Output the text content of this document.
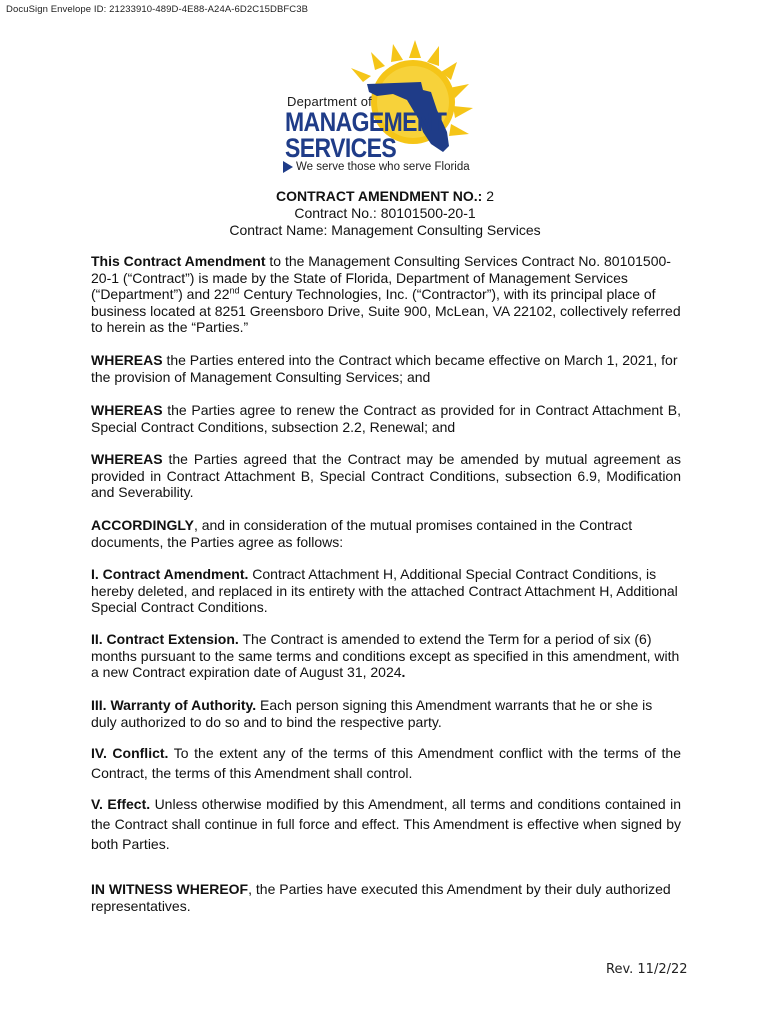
DocuSign Envelope ID: 21233910-489D-4E88-A24A-6D2C15DBFC3B
Department of
MANAGEMENT
SERVICES
We serve those who serve Florida
CONTRACT AMENDMENT NO.: 2
Contract No.: 80101500-20-1
Contract Name: Management Consulting Services

This Contract Amendment to the Management Consulting Services Contract No. 80101500-20-1 (“Contract”) is made by the State of Florida, Department of Management Services (“Department”) and 22nd Century Technologies, Inc. (“Contractor”), with its principal place of business located at 8251 Greensboro Drive, Suite 900, McLean, VA 22102, collectively referred to herein as the “Parties.”

WHEREAS the Parties entered into the Contract which became effective on March 1, 2021, for the provision of Management Consulting Services; and

WHEREAS the Parties agree to renew the Contract as provided for in Contract Attachment B, Special Contract Conditions, subsection 2.2, Renewal; and

WHEREAS the Parties agreed that the Contract may be amended by mutual agreement as provided in Contract Attachment B, Special Contract Conditions, subsection 6.9, Modification and Severability.

ACCORDINGLY, and in consideration of the mutual promises contained in the Contract documents, the Parties agree as follows:

I. Contract Amendment. Contract Attachment H, Additional Special Contract Conditions, is hereby deleted, and replaced in its entirety with the attached Contract Attachment H, Additional Special Contract Conditions.

II. Contract Extension. The Contract is amended to extend the Term for a period of six (6) months pursuant to the same terms and conditions except as specified in this amendment, with a new Contract expiration date of August 31, 2024.

III. Warranty of Authority. Each person signing this Amendment warrants that he or she is duly authorized to do so and to bind the respective party.

IV. Conflict. To the extent any of the terms of this Amendment conflict with the terms of the Contract, the terms of this Amendment shall control.

V. Effect. Unless otherwise modified by this Amendment, all terms and conditions contained in the Contract shall continue in full force and effect. This Amendment is effective when signed by both Parties.

IN WITNESS WHEREOF, the Parties have executed this Amendment by their duly authorized representatives.

Rev. 11/2/22
